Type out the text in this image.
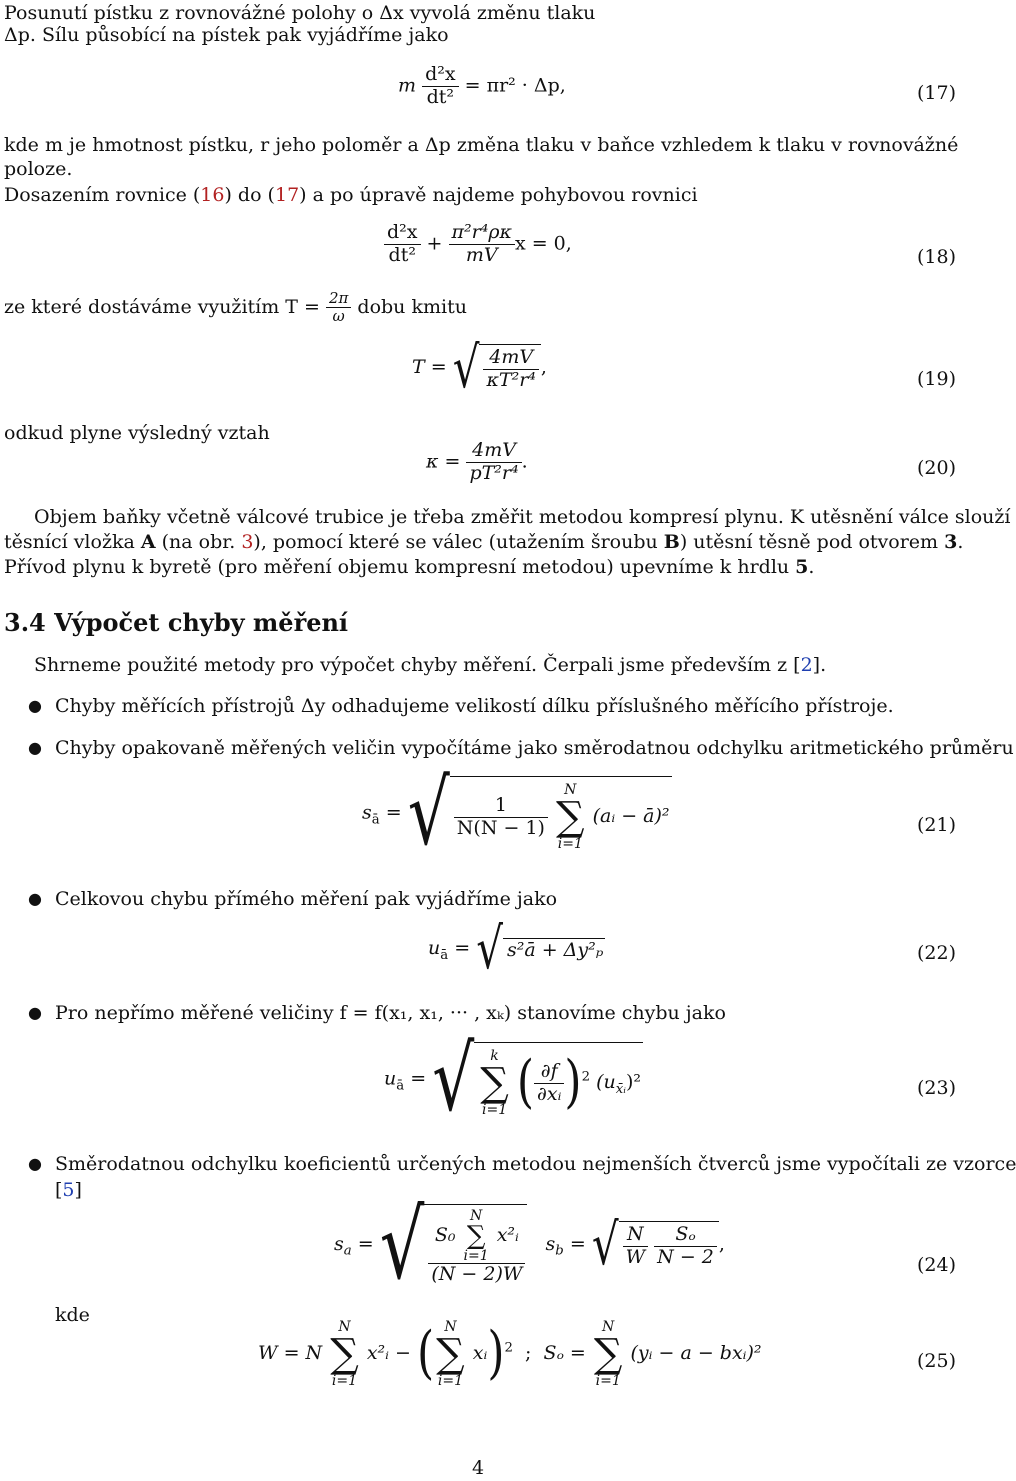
Posunutí pístku z rovnovážné polohy o Δx vyvolá změnu tlaku
Δp. Sílu působící na pístek pak vyjádříme jako
m $\frac{\text{d²x}}{\text{dt²}} = \pi r^2 \cdot \Delta p$,	(17)
kde m je hmotnost pístku, r jeho poloměr a Δp změna tlaku v baňce vzhledem k tlaku v rovnovážné
poloze.
Dosazením rovnice (16) do (17) a po úpravě najdeme pohybovou rovnici
$\frac{\text{d²x}}{\text{dt²}} + \frac{\text{π²r⁴ρκ}}{mV}$ x = 0,
(18)
ze které dostáváme využitím $T = \frac{2\pi}{\omega}$ dobu kmitu
T = √ $\frac{4mV}{\text{κT²r⁴}}$ ,
(19)
odkud plyne výsledný vztah
$\kappa = \frac{4mV}{\text{pT²r⁴}}$ .	(20)
Objem baňky včetně válcové trubice je třeba změřit metodou kompresí plynu. K utěsnění válce slouží
těsnící vložka A (na obr. 3), pomocí které se válec (utažením šroubu B) utěsní těsně pod otvorem 3.
Přívod plynu k byretě (pro měření objemu kompresní metodou) upevníme k hrdlu 5.
3.4 Výpočet chyby měření
Shrneme použité metody pro výpočet chyby měření. Čerpali jsme především z [2].
● Chyby měřících přístrojů Δy odhadujeme velikostí dílku příslušného měřícího přístroje.
● Chyby opakovaně měřených veličin vypočítáme jako směrodatnou odchylku aritmetického průměru
$s_ā$ = √ $\frac{1}{N(N - 1)}$

N
∑
i=1
(aᵢ − ā)²	(21)
● Celkovou chybu přímého měření pak vyjádříme jako
$u_ā$ = √ s²ā + Δy²ₚ	(22)
● Pro nepřímo měřené veličiny f = f(x₁, x₁, ··· , xₖ) stanovíme chybu jako
$u_ā$ = √	k
∑
i=1 ( $\frac{\partial f}{\text{∂xᵢ}} )^2$ $(u_{x̄ᵢ})^2$	(23)
● Směrodatnou odchylku koeficientů určených metodou nejmenších čtverců jsme vypočítali ze vzorce
[5]
$s_a$ = √ S₀
N
∑
i=1
x²ᵢ
(N − 2)W $s_b$ = √ $\frac{N}{W}$
$\frac{\text{Sₒ}}{N - 2}$ ,
(24)
kde
W = N
N
∑
i=1
x²ᵢ − ( N
∑
i=1
xᵢ)$^2$ ; Sₒ =
N
∑
i=1
(yᵢ − a − bxᵢ)²	(25)
4
